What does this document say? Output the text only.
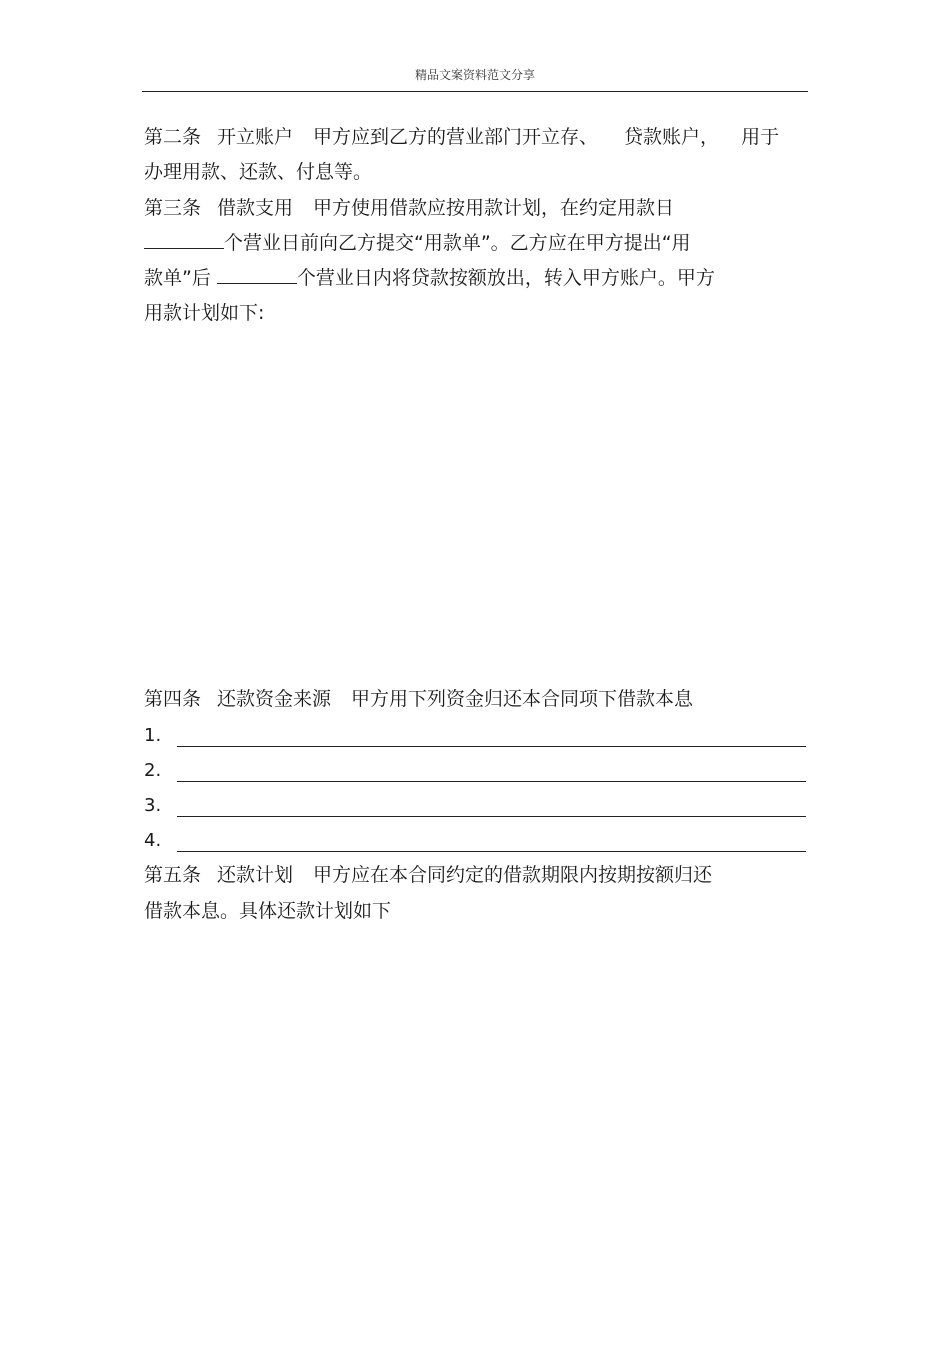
精品文案资料范文分享
第二条 开立账户 甲方应到乙方的营业部门开立存、 贷款账户， 用于
办理用款、还款、付息等。
第三条 借款支用 甲方使用借款应按用款计划，在约定用款日
个营业日前向乙方提交“用款单”。乙方应在甲方提出“用
款单”后	个营业日内将贷款按额放出，转入甲方账户。甲方
用款计划如下:
第四条 还款资金来源 甲方用下列资金归还本合同项下借款本息
1.
2.
3.
4.
第五条 还款计划 甲方应在本合同约定的借款期限内按期按额归还
借款本息。具体还款计划如下
